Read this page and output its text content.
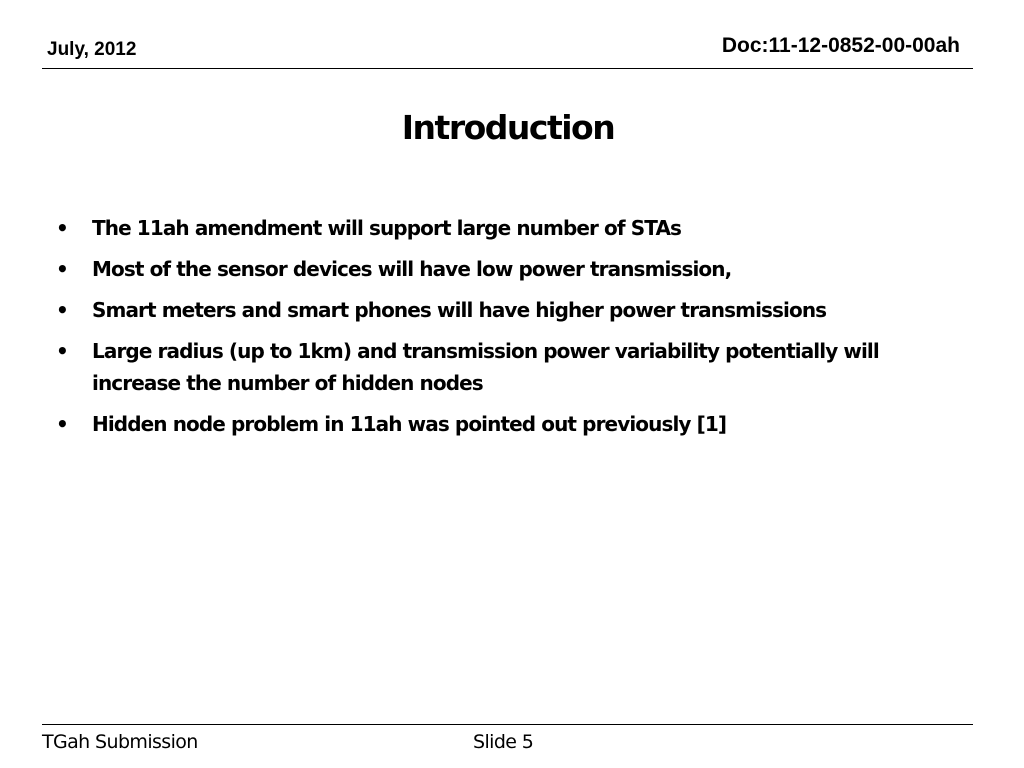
July, 2012	Doc:11-12-0852-00-00ah
Introduction
• The 11ah amendment will support large number of STAs
• Most of the sensor devices will have low power transmission,
• Smart meters and smart phones will have higher power transmissions
• Large radius (up to 1km) and transmission power variability potentially will increase the number of hidden nodes
• Hidden node problem in 11ah was pointed out previously [1]
TGah Submission	Slide 5
